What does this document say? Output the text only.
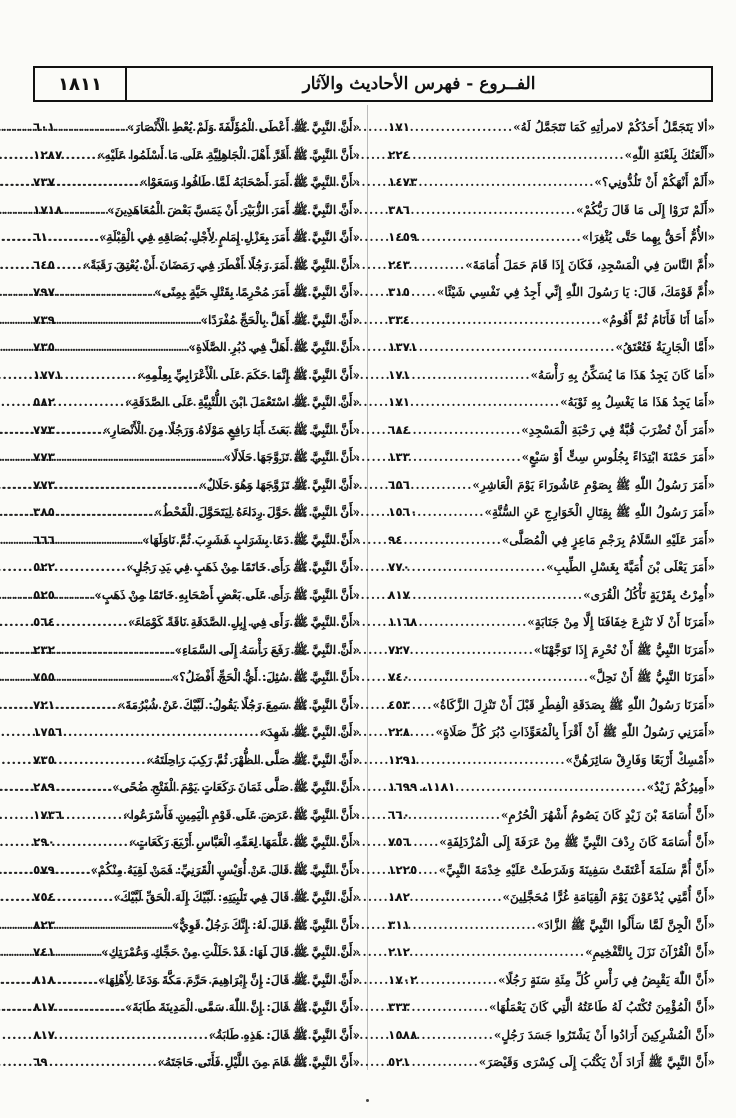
الفــروع - فهرس الأحاديث والآثار
١٨١١
«ألا يَتَجَمَّلُ أَحَدُكُمْ لامرأتِهِ كَمَا تَتَجَمَّلُ لَهُ»
.....
١٧١
«أَلْعَنُكَ بِلَعْنَةِ اللّٰهِ»
.....
٢٢٤
«أَلَمْ أَنْهَكُمْ أَنْ تَلُدُّونِي؟»
.....
١٤٧٣
«أَلَمْ تَرَوْا إِلَى مَا قَالَ رَبُّكُمْ»
.....
٣٨٦
«الأُمُّ أَحَقُّ بِهِما حَتَّى يُثْغِرَا»
.....
١٤٥٩
«أُمَّ النَّاسَ فِي الْمَسْجِدِ، فَكَانَ إِذَا قَامَ حَمَلَ أُمَامَةَ»
.....
٢٤٣
«أُمَّ قَوْمَكَ، قَالَ: يَا رَسُولَ اللّٰهِ إِنِّي أَجِدُ فِي نَفْسِي شَيْئًا»
.....
٣١٥
«أَمَا أَنَا فَأَنَامُ ثُمَّ أَقُومُ»
.....
٣٣٤
«أَمَّا الْجَارِيَةُ فَتُعْتَقُ»
.....
١٣٧١
«أَمَا كَانَ يَجِدُ هَذَا مَا يُسَكِّنُ بِهِ رَأْسَهُ»
.....
١٧١
«أَمَا يَجِدُ هَذَا مَا يَغْسِلُ بِهِ ثَوْبَهُ»
.....
١٧١
«أَمَرَ أَنْ تُضْرَبَ قُبَّةٌ فِي رَحْبَةِ الْمَسْجِدِ»
.....
٦٨٤
«أَمَرَ حَمْنَةَ ابْتِدَاءً بِجُلُوسِ سِتٍّ أَوْ سَبْعٍ»
.....
١٣٣
«أَمَرَ رَسُولُ اللّٰهِ ﷺ بِصَوْمِ عَاشُورَاءَ يَوْمَ الْعَاشِرِ»
.....
٦٥٦
«أَمَرَ رَسُولُ اللّٰهِ ﷺ بِقِتَالِ الْخَوَارِجِ عَنِ السُّنَّةِ»
.....
١٥٦٠
«أَمَرَ عَلَيْهِ السَّلَامُ بِرَجْمِ مَاعِزٍ فِي الْمُصَلَّى»
.....
٩٤
«أَمَرَ يَعْلَى بْنَ أُمَيَّةَ بِغَسْلِ الطِّيبِ»
.....
٧٧٠
«أُمِرْتُ بِقَرْيَةٍ تَأْكُلُ الْقُرَى»
.....
٨١٧
«أَمَرَنَا أَنْ لَا نَنْزِعَ خِفَافَنَا إِلَّا مِنْ جَنَابَةٍ»
.....
١١٦٨
«أَمَرَنَا النَّبِيُّ ﷺ أَنْ نُحْرِمَ إِذَا تَوَجَّهْنَا»
.....
٧٢٧
«أَمَرَنَا النَّبِيُّ ﷺ أَنْ نَحِلَّ»
.....
٧٤٠
«أَمَرَنَا رَسُولُ اللّٰهِ ﷺ بِصَدَقَةِ الْفِطْرِ قَبْلَ أَنْ تَنْزِلَ الزَّكَاةُ»
.....
٤٥٣
«أَمَرَنِي رَسُولُ اللّٰهِ ﷺ أَنْ أَقْرَأَ بِالْمُعَوِّذَاتِ دُبُرَ كُلِّ صَلَاةٍ»
.....
٢٢٨
«أَمْسِكْ أَرْبَعًا وَفَارِقْ سَائِرَهُنَّ»
.....
١٢٩١
«أَمِيرُكُمْ زَيْدٌ»
.....
١١٨١، ١٦٩٩
«أَنَّ أُسَامَةَ بْنَ زَيْدٍ كَانَ يَصُومُ أَشْهُرَ الْحُرُمِ»
.....
٦٦٠
«أَنَّ أُسَامَةَ كَانَ رِدْفَ النَّبِيِّ ﷺ مِنْ عَرَفَةَ إِلَى الْمُزْدَلِفَةِ»
.....
٧٥٦
«أَنَّ أُمَّ سَلَمَةَ أَعْتَقَتْ سَفِينَةَ وَشَرَطَتْ عَلَيْهِ خِدْمَةَ النَّبِيِّ»
.....
١٢٢٥
«أَنَّ أُمَّتِي يُدْعَوْنَ يَوْمَ الْقِيَامَةِ غُرًّا مُحَجَّلِينَ»
.....
١٨٢
«أَنَّ الْجِنَّ لَمَّا سَأَلُوا النَّبِيَّ ﷺ الزَّادَ»
.....
٣١١
«أَنَّ الْقُرْآنَ نَزَلَ بِالتَّفْخِيمِ»
.....
٢١٢
«أَنَّ اللّٰهَ يَقْبِضُ فِي رَأْسِ كُلِّ مِئَةِ سَنَةٍ رَجُلًا»
.....
١٧٠٢
«أَنَّ الْمُؤْمِنَ تُكْتَبُ لَهُ طَاعَتُهُ الَّتِي كَانَ يَعْمَلُهَا»
.....
٣٣٣
«أَنَّ الْمُشْرِكِينَ أَرَادُوا أَنْ يَشْتَرُوا جَسَدَ رَجُلٍ»
.....
١٥٨٨
«أَنَّ النَّبِيَّ ﷺ أَرَادَ أَنْ يَكْتُبَ إِلَى كِسْرَى وَقَيْصَرَ»
.....
٥٢١
«أَنَّ النَّبِيَّ ﷺ أَعْطَى الْمُؤَلَّفَةَ وَلَمْ يُعْطِ الْأَنْصَارَ»
.....
٦٠١
«أَنَّ النَّبِيَّ ﷺ أَقَرَّ أَهْلَ الْجَاهِلِيَّةِ عَلَى مَا أَسْلَمُوا عَلَيْهِ»
.....
١٢٨٧
«أَنَّ النَّبِيَّ ﷺ أَمَرَ أَصْحَابَهُ لَمَّا طَافُوا وَسَعَوْا»
.....
٧٣٧
«أَنَّ النَّبِيَّ ﷺ أَمَرَ الزُّبَيْرَ أَنْ يَمَسَّ بَعْضَ الْمُعَاهَدِينَ»
.....
١٧١٨
«أَنَّ النَّبِيَّ ﷺ أَمَرَ بِعَزْلِ إِمَامٍ لِأَجْلِ بُصَاقِهِ فِي الْقِبْلَةِ»
.....
٦١
«أَنَّ النَّبِيَّ ﷺ أَمَرَ رَجُلًا أَفْطَرَ فِي رَمَضَانَ أَنْ يُعْتِقَ رَقَبَةً»
.....
٦٤٥
«أَنَّ النَّبِيَّ ﷺ أَمَرَ مُحْرِمًا بِقَتْلِ حَيَّةٍ بِمِنًى»
.....
٧٩٧
«أَنَّ النَّبِيَّ ﷺ أَهَلَّ بِالْحَجِّ مُفْرَدًا»
.....
٧٣٩
«أَنَّ النَّبِيَّ ﷺ أَهَلَّ فِي دُبُرِ الصَّلَاةِ»
.....
٧٣٥
«أَنَّ النَّبِيَّ ﷺ إِنَّمَا حَكَمَ عَلَى الْأَعْرَابِيِّ بِعِلْمِهِ»
.....
١٧٧١
«أَنَّ النَّبِيَّ ﷺ اسْتَعْمَلَ ابْنَ اللُّتْبِيَّةِ عَلَى الصَّدَقَةِ»
.....
٥٨٢
«أَنَّ النَّبِيَّ ﷺ بَعَثَ أَبَا رَافِعٍ مَوْلَاهُ وَرَجُلًا مِنَ الْأَنْصَارِ»
.....
٧٧٣
«أَنَّ النَّبِيَّ ﷺ تَزَوَّجَهَا حَلَالًا»
.....
٧٧٣
«أَنَّ النَّبِيَّ ﷺ تَزَوَّجَهَا وَهُوَ حَلَالٌ»
.....
٧٧٣
«أَنَّ النَّبِيَّ ﷺ حَوَّلَ رِدَاءَهُ لِيَتَحَوَّلَ الْقَحْطُ»
.....
٣٨٥
«أَنَّ النَّبِيَّ ﷺ دَعَا بِشَرَابٍ فَشَرِبَ ثُمَّ نَاوَلَهَا»
.....
٦٦٦
«أَنَّ النَّبِيَّ ﷺ رَأَى خَاتَمًا مِنْ ذَهَبٍ فِي يَدِ رَجُلٍ»
.....
٥٢٢
«أَنَّ النَّبِيَّ ﷺ رَأَى عَلَى بَعْضِ أَصْحَابِهِ خَاتَمًا مِنْ ذَهَبٍ»
.....
٥٢٥
«أَنَّ النَّبِيَّ ﷺ رَأَى فِي إِبِلِ الصَّدَقَةِ نَاقَةً كَوْمَاءَ»
.....
٥٦٤
«أَنَّ النَّبِيَّ ﷺ رَفَعَ رَأْسَهُ إِلَى السَّمَاءِ»
.....
٢٣٢
«أَنَّ النَّبِيَّ ﷺ سُئِلَ: أَيُّ الْحَجِّ أَفْضَلُ؟»
.....
٧٥٥
«أَنَّ النَّبِيَّ ﷺ سَمِعَ رَجُلًا يَقُولُ: لَبَّيْكَ عَنْ شُبْرُمَةَ»
.....
٧٢١
«أَنَّ النَّبِيَّ ﷺ شَهِدَ»
.....
١٧٥٦
«أَنَّ النَّبِيَّ ﷺ صَلَّى الظُّهْرَ ثُمَّ رَكِبَ رَاحِلَتَهُ»
.....
٧٣٥
«أَنَّ النَّبِيَّ ﷺ صَلَّى ثَمَانَ رَكَعَاتٍ يَوْمَ الْفَتْحِ ضُحًى»
.....
٢٨٩
«أَنَّ النَّبِيَّ ﷺ عَرَضَ عَلَى قَوْمِ الْيَمِينِ فَأَسْرَعُوا»
.....
١٧٣٦
«أَنَّ النَّبِيَّ ﷺ عَلَّمَهَا لِعَمِّهِ الْعَبَّاسِ أَرْبَعَ رَكَعَاتٍ»
.....
٢٩٠
«أَنَّ النَّبِيَّ ﷺ قَالَ عَنْ أُوَيْسٍ الْقَرَنِيِّ: فَمَنْ لَقِيَهُ مِنْكُمْ»
.....
٥٧٩
«أَنَّ النَّبِيَّ ﷺ قَالَ فِي تَلْبِيَتِهِ: لَبَّيْكَ إِلَهَ الْحَقِّ لَبَّيْكَ»
.....
٧٥٤
«أَنَّ النَّبِيَّ ﷺ قَالَ لَهُ: إِنَّكَ رَجُلٌ قَوِيٌّ»
.....
٨٢٣
«أَنَّ النَّبِيَّ ﷺ قَالَ لَهَا: قَدْ حَلَلْتِ مِنْ حَجِّكِ وَعُمْرَتِكِ»
.....
٧٤١
«أَنَّ النَّبِيَّ ﷺ قَالَ: إِنَّ إِبْرَاهِيمَ حَرَّمَ مَكَّةَ وَدَعَا لِأَهْلِهَا»
.....
٨١٨
«أَنَّ النَّبِيَّ ﷺ قَالَ: إِنَّ اللّٰهَ سَمَّى الْمَدِينَةَ طَابَةَ»
.....
٨١٧
«أَنَّ النَّبِيَّ ﷺ قَالَ: هَذِهِ طَابَةُ»
.....
٨١٧
«أَنَّ النَّبِيَّ ﷺ قَامَ مِنَ اللَّيْلِ فَأَتَى حَاجَتَهُ»
.....
٦٩
